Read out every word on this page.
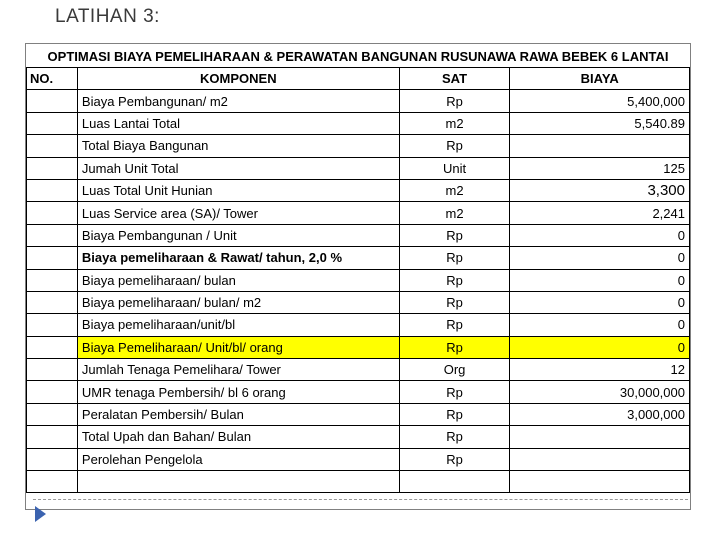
LATIHAN 3:
OPTIMASI BIAYA PEMELIHARAAN & PERAWATAN BANGUNAN RUSUNAWA RAWA BEBEK 6 LANTAI
NO.	KOMPONEN	SAT	BIAYA
	Biaya Pembangunan/ m2	Rp	5,400,000
	Luas Lantai Total	m2	5,540.89
	Total Biaya Bangunan	Rp	
	Jumah Unit Total	Unit	125
	Luas Total Unit Hunian	m2	3,300
	Luas Service area (SA)/ Tower	m2	2,241
	Biaya Pembangunan / Unit	Rp	0
	Biaya pemeliharaan & Rawat/ tahun, 2,0 %	Rp	0
	Biaya pemeliharaan/ bulan	Rp	0
	Biaya pemeliharaan/ bulan/ m2	Rp	0
	Biaya pemeliharaan/unit/bl	Rp	0
	Biaya Pemeliharaan/ Unit/bl/ orang	Rp	0
	Jumlah Tenaga Pemelihara/ Tower	Org	12
	UMR tenaga Pembersih/ bl 6 orang	Rp	30,000,000
	Peralatan Pembersih/ Bulan	Rp	3,000,000
	Total Upah dan Bahan/ Bulan	Rp	
	Perolehan Pengelola	Rp	
